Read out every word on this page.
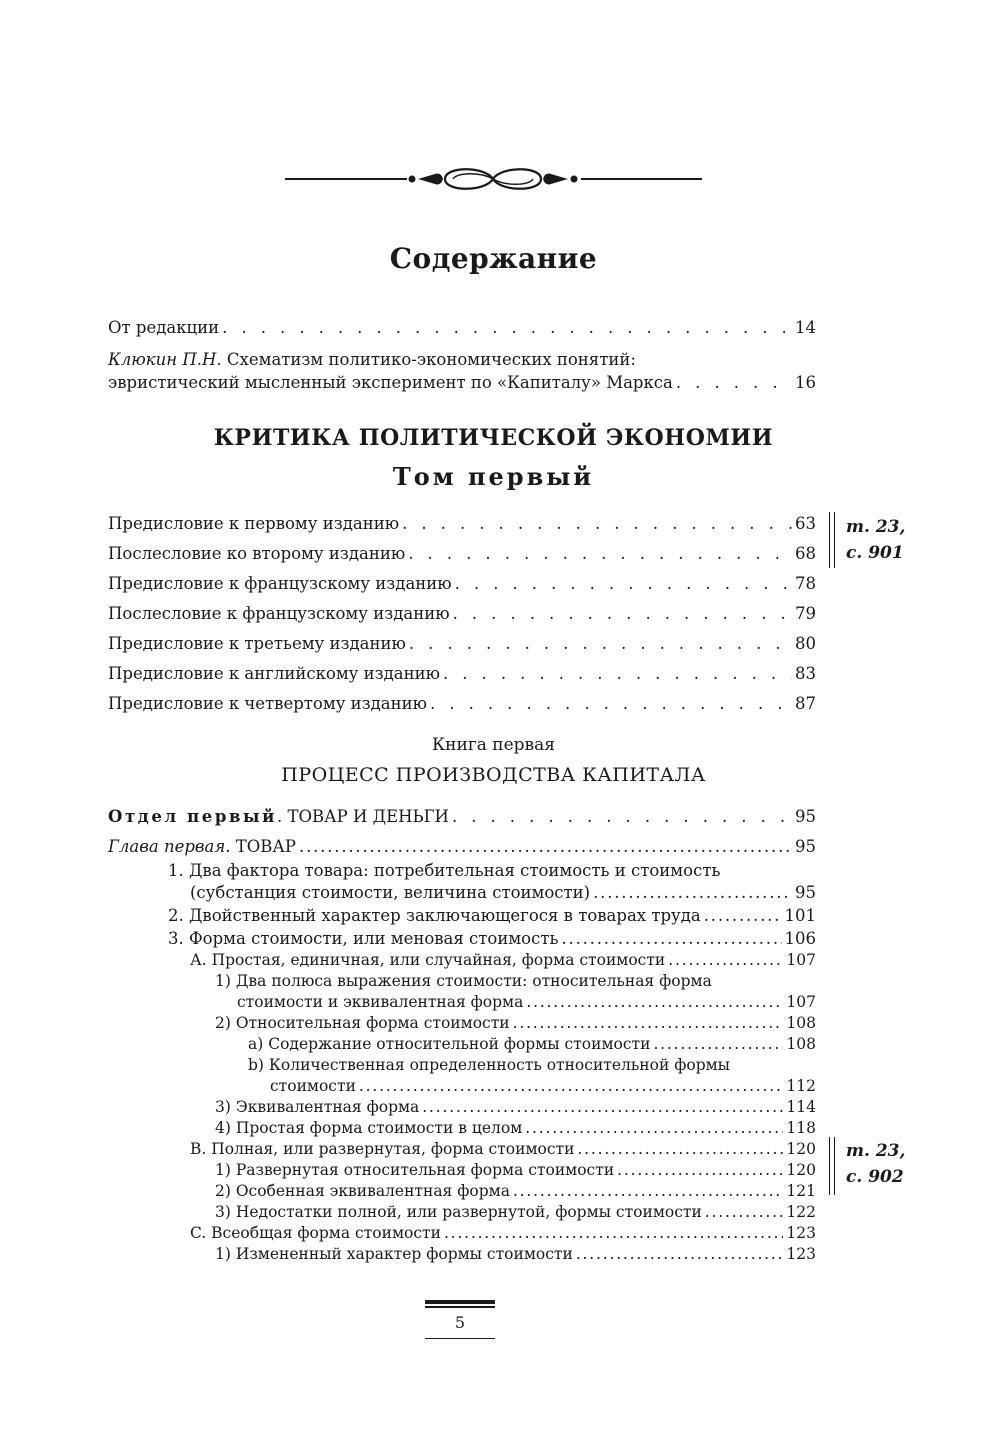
Содержание
От редакции . . .	14
Клюкин П.Н. Схематизм политико-экономических понятий:
эвристический мысленный эксперимент по «Капиталу» Маркса . . .	16
КРИТИКА ПОЛИТИЧЕСКОЙ ЭКОНОМИИ
Том первый
Предисловие к первому изданию . . .	63
Послесловие ко второму изданию . . .	68
Предисловие к французскому изданию . . .	78
Послесловие к французскому изданию . . .	79
Предисловие к третьему изданию . . .	80
Предисловие к английскому изданию . . .	83
Предисловие к четвертому изданию . . .	87
т. 23,
с. 901
Книга первая
ПРОЦЕСС ПРОИЗВОДСТВА КАПИТАЛА
Отдел первый. ТОВАР И ДЕНЬГИ . . .	95
Глава первая. ТОВАР .....	95
1. Два фактора товара: потребительная стоимость и стоимость
(субстанция стоимости, величина стоимости) .....	95
2. Двойственный характер заключающегося в товарах труда .....	101
3. Форма стоимости, или меновая стоимость .....	106
А. Простая, единичная, или случайная, форма стоимости .....	107
1) Два полюса выражения стоимости: относительная форма
стоимости и эквивалентная форма .....	107
2) Относительная форма стоимости .....	108
a) Содержание относительной формы стоимости .....	108
b) Количественная определенность относительной формы
стоимости .....	112
3) Эквивалентная форма .....	114
4) Простая форма стоимости в целом .....	118
B. Полная, или развернутая, форма стоимости .....	120
1) Развернутая относительная форма стоимости .....	120
2) Особенная эквивалентная форма .....	121
3) Недостатки полной, или развернутой, формы стоимости .....	122
C. Всеобщая форма стоимости .....	123
1) Измененный характер формы стоимости .....	123
т. 23,
с. 902
5
